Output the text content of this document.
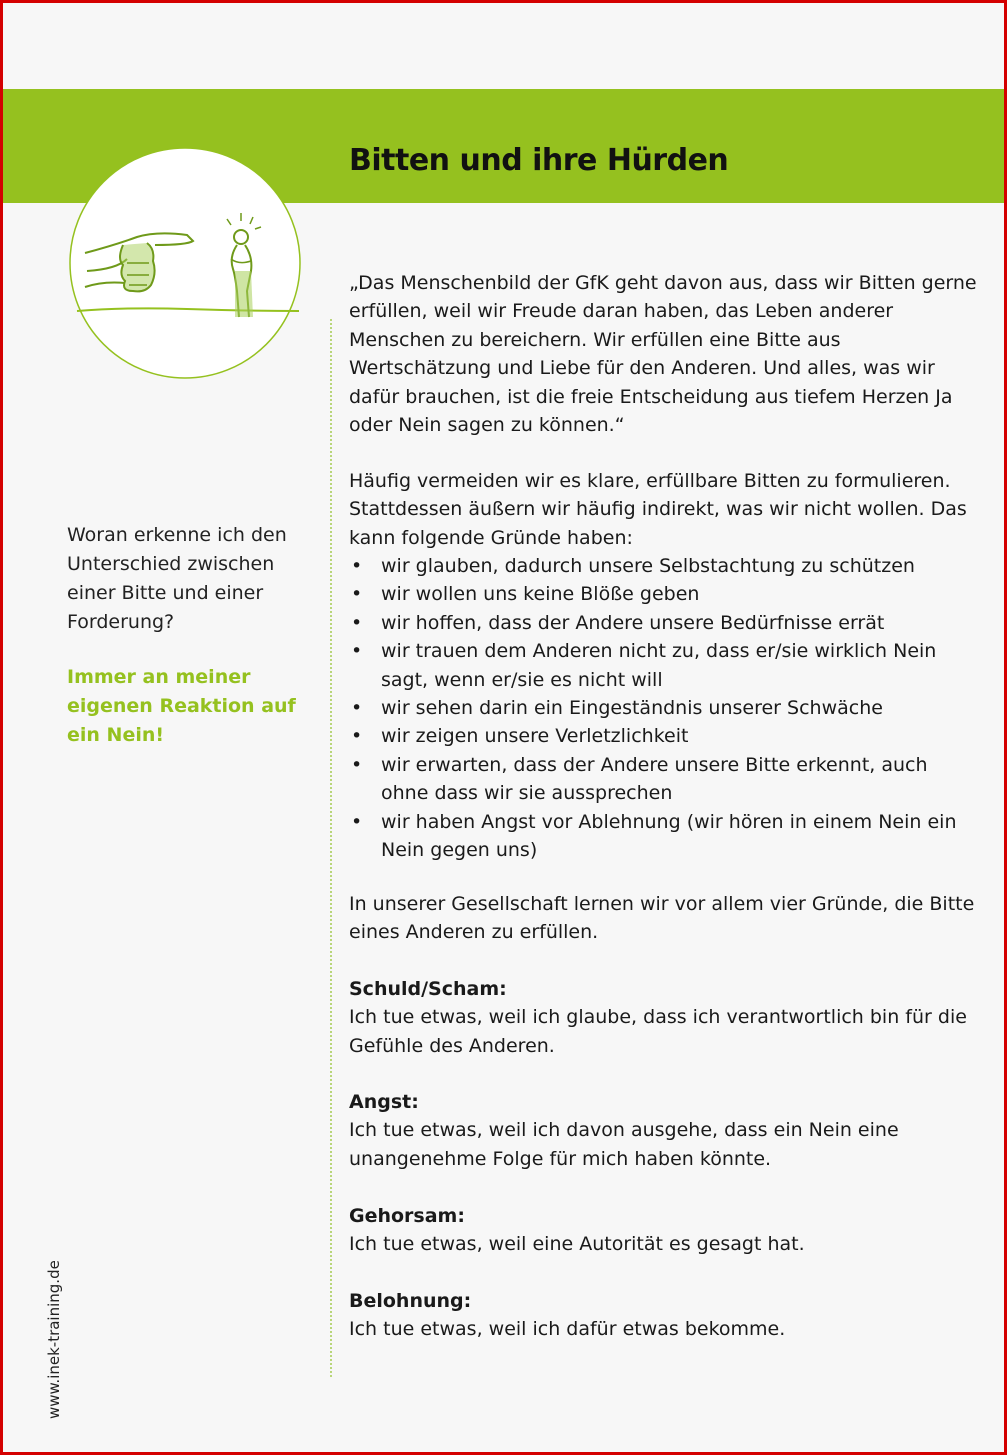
Bitten und ihre Hürden
Woran erkenne ich den Unterschied zwischen einer Bitte und einer Forderung?
Immer an meiner eigenen Reaktion auf ein Nein!
„Das Menschenbild der GfK geht davon aus, dass wir Bitten gerne erfüllen, weil wir Freude daran haben, das Leben anderer Menschen zu bereichern. Wir erfüllen eine Bitte aus Wertschätzung und Liebe für den Anderen. Und alles, was wir dafür brauchen, ist die freie Entscheidung aus tiefem Herzen Ja oder Nein sagen zu können.“
Häufig vermeiden wir es klare, erfüllbare Bitten zu formulieren. Stattdessen äußern wir häufig indirekt, was wir nicht wollen. Das kann folgende Gründe haben:
• wir glauben, dadurch unsere Selbstachtung zu schützen
• wir wollen uns keine Blöße geben
• wir hoffen, dass der Andere unsere Bedürfnisse errät
• wir trauen dem Anderen nicht zu, dass er/sie wirklich Nein sagt, wenn er/sie es nicht will
• wir sehen darin ein Eingeständnis unserer Schwäche
• wir zeigen unsere Verletzlichkeit
• wir erwarten, dass der Andere unsere Bitte erkennt, auch ohne dass wir sie aussprechen
• wir haben Angst vor Ablehnung (wir hören in einem Nein ein Nein gegen uns)
In unserer Gesellschaft lernen wir vor allem vier Gründe, die Bitte eines Anderen zu erfüllen.
Schuld/Scham:
Ich tue etwas, weil ich glaube, dass ich verantwortlich bin für die Gefühle des Anderen.
Angst:
Ich tue etwas, weil ich davon ausgehe, dass ein Nein eine unangenehme Folge für mich haben könnte.
Gehorsam:
Ich tue etwas, weil eine Autorität es gesagt hat.
Belohnung:
Ich tue etwas, weil ich dafür etwas bekomme.
www.inek-training.de
